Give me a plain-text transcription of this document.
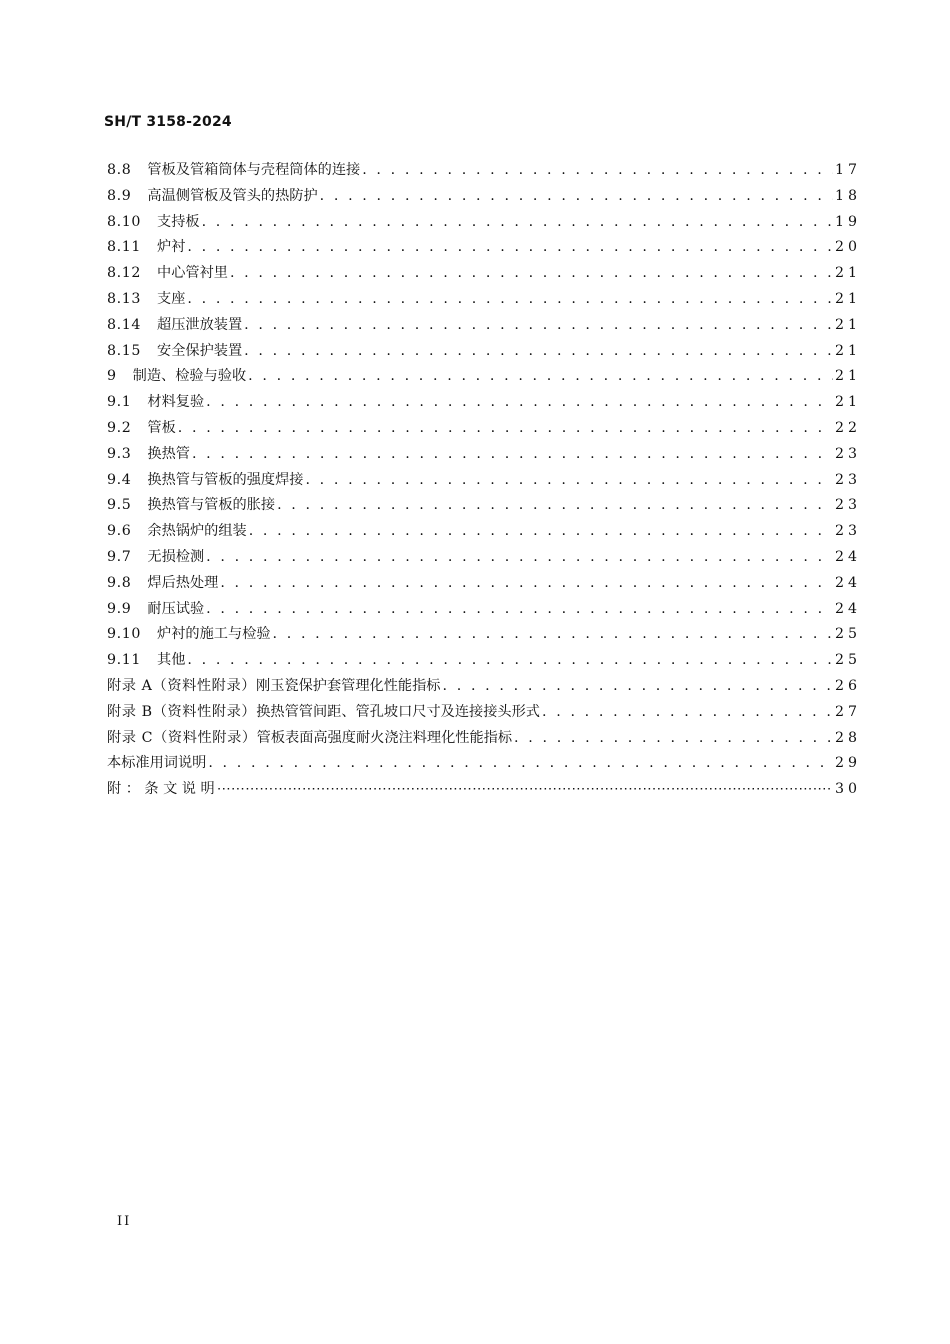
SH/T 3158-2024
8.8 管板及管箱筒体与壳程筒体的连接 . . .	17
8.9 高温侧管板及管头的热防护 . . .	18
8.10 支持板 . . .	19
8.11 炉衬 . . .	20
8.12 中心管衬里 . . .	21
8.13 支座 . . .	21
8.14 超压泄放装置 . . .	21
8.15 安全保护装置 . . .	21
9 制造、检验与验收 . . .	21
9.1 材料复验 . . .	21
9.2 管板 . . .	22
9.3 换热管 . . .	23
9.4 换热管与管板的强度焊接 . . .	23
9.5 换热管与管板的胀接 . . .	23
9.6 余热锅炉的组装 . . .	23
9.7 无损检测 . . .	24
9.8 焊后热处理 . . .	24
9.9 耐压试验 . . .	24
9.10 炉衬的施工与检验 . . .	25
9.11 其他 . . .	25
附录 A（资料性附录） 刚玉瓷保护套管理化性能指标 . . .	26
附录 B（资料性附录） 换热管管间距、管孔坡口尺寸及连接接头形式 . . .	27
附录 C（资料性附录） 管板表面高强度耐火浇注料理化性能指标 . . .	28
本标准用词说明 . . .	29
附 ： 条 文 说 明 ⋯⋯⋯⋯⋯⋯⋯⋯⋯⋯⋯⋯⋯⋯⋯⋯⋯⋯⋯⋯⋯⋯⋯⋯⋯⋯⋯⋯⋯⋯⋯⋯⋯⋯⋯⋯⋯⋯⋯⋯⋯⋯⋯⋯⋯⋯⋯⋯⋯⋯⋯⋯	30
II
